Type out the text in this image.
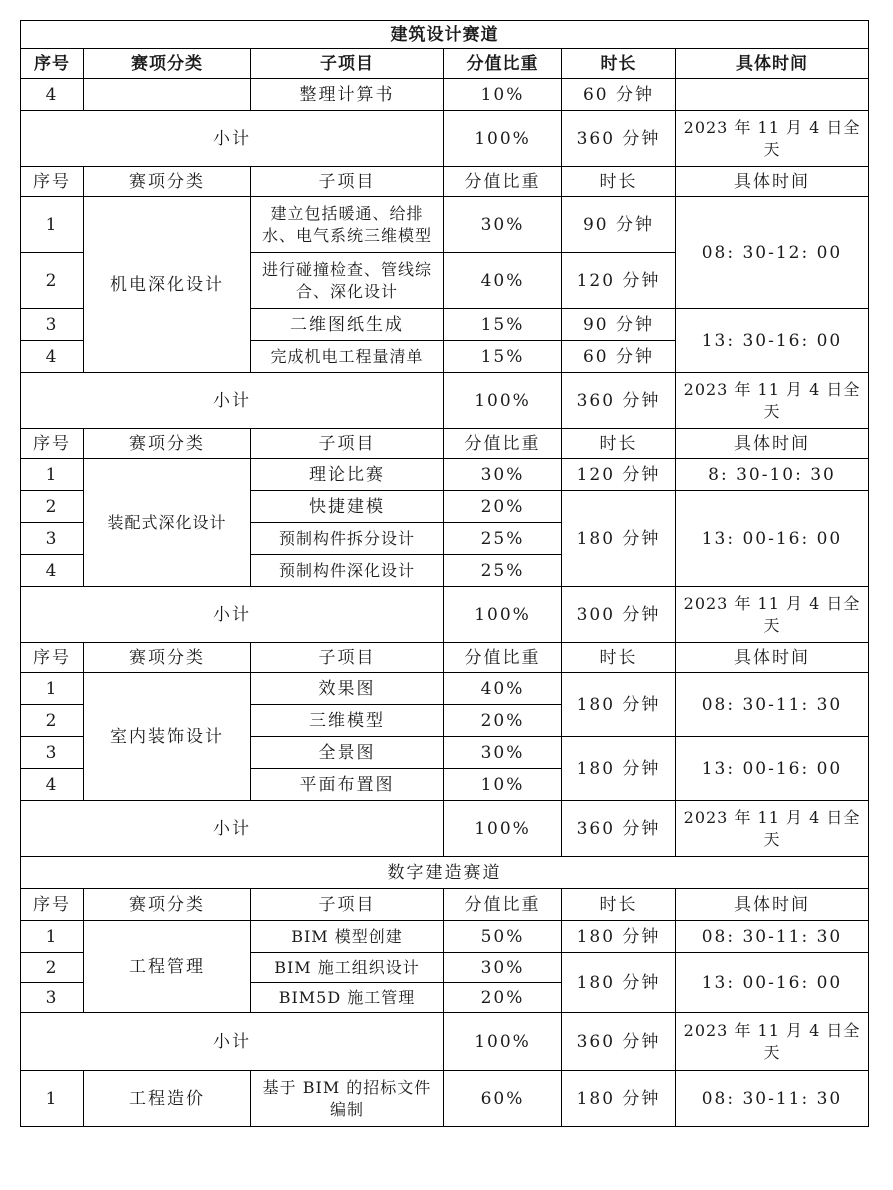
建筑设计赛道					
序号	赛项分类	子项目	分值比重	时长	具体时间
4		整理计算书	10%	60 分钟	
小计			100%	360 分钟	2023 年 11 月 4 日全天
序号	赛项分类	子项目	分值比重	时长	具体时间
1	机电深化设计	建立包括暖通、给排水、电气系统三维模型	30%	90 分钟	08: 30-12: 00
2		进行碰撞检查、管线综合、深化设计	40%	120 分钟	
3		二维图纸生成	15%	90 分钟	13: 30-16: 00
4		完成机电工程量清单	15%	60 分钟	
小计			100%	360 分钟	2023 年 11 月 4 日全天
序号	赛项分类	子项目	分值比重	时长	具体时间
1	装配式深化设计	理论比赛	30%	120 分钟	8: 30-10: 30
2		快捷建模	20%	180 分钟	13: 00-16: 00
3		预制构件拆分设计	25%		
4		预制构件深化设计	25%		
小计			100%	300 分钟	2023 年 11 月 4 日全天
序号	赛项分类	子项目	分值比重	时长	具体时间
1	室内装饰设计	效果图	40%	180 分钟	08: 30-11: 30
2		三维模型	20%		
3		全景图	30%	180 分钟	13: 00-16: 00
4		平面布置图	10%		
小计			100%	360 分钟	2023 年 11 月 4 日全天
数字建造赛道					
序号	赛项分类	子项目	分值比重	时长	具体时间
1	工程管理	BIM 模型创建	50%	180 分钟	08: 30-11: 30
2		BIM 施工组织设计	30%	180 分钟	13: 00-16: 00
3		BIM5D 施工管理	20%		
小计			100%	360 分钟	2023 年 11 月 4 日全天
1	工程造价	基于 BIM 的招标文件编制	60%	180 分钟	08: 30-11: 30
